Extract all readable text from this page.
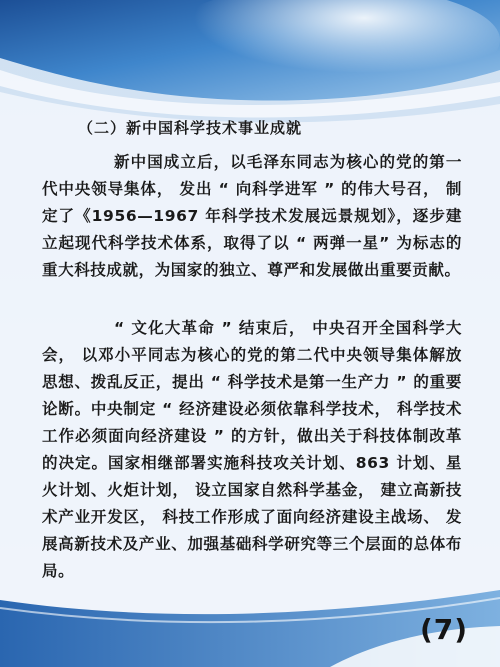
（二）新中国科学技术事业成就

新中国成立后，以毛泽东同志为核心的党的第一代中央领导集体， 发出 “ 向科学进军 ” 的伟大号召， 制定了《1956—1967 年科学技术发展远景规划》，逐步建立起现代科学技术体系，取得了以 “ 两弹一星” 为标志的重大科技成就，为国家的独立、尊严和发展做出重要贡献。

“ 文化大革命 ” 结束后， 中央召开全国科学大会， 以邓小平同志为核心的党的第二代中央领导集体解放思想、拨乱反正，提出 “ 科学技术是第一生产力 ” 的重要论断。中央制定 “ 经济建设必须依靠科学技术， 科学技术工作必须面向经济建设 ” 的方针，做出关于科技体制改革的决定。国家相继部署实施科技攻关计划、863 计划、星火计划、火炬计划， 设立国家自然科学基金， 建立高新技术产业开发区， 科技工作形成了面向经济建设主战场、 发展高新技术及产业、加强基础科学研究等三个层面的总体布局。

(7)
